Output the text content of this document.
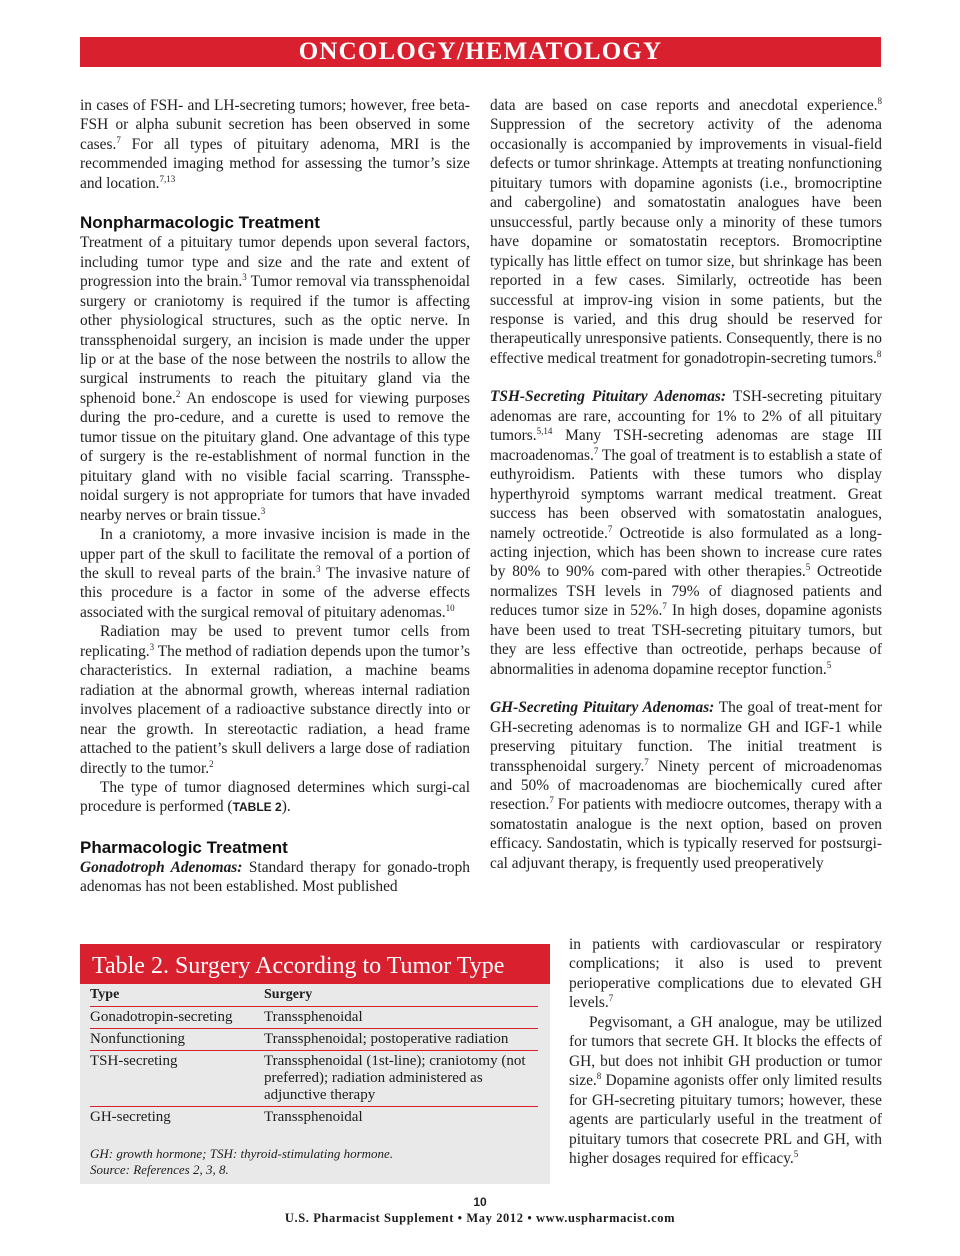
ONCOLOGY/HEMATOLOGY

in cases of FSH- and LH-secreting tumors; however, free beta-FSH or alpha subunit secretion has been observed in some cases.$^7$ For all types of pituitary adenoma, MRI is the recommended imaging method for assessing the tumor’s size and location.$^{7,13}$

Nonpharmacologic Treatment

Treatment of a pituitary tumor depends upon several factors, including tumor type and size and the rate and extent of progression into the brain.$^3$ Tumor removal via transsphenoidal surgery or craniotomy is required if the tumor is affecting other physiological structures, such as the optic nerve. In transsphenoidal surgery, an incision is made under the upper lip or at the base of the nose between the nostrils to allow the surgical instruments to reach the pituitary gland via the sphenoid bone.$^2$ An endoscope is used for viewing purposes during the pro-cedure, and a curette is used to remove the tumor tissue on the pituitary gland. One advantage of this type of surgery is the re-establishment of normal function in the pituitary gland with no visible facial scarring. Transsphe-noidal surgery is not appropriate for tumors that have invaded nearby nerves or brain tissue.$^3$

In a craniotomy, a more invasive incision is made in the upper part of the skull to facilitate the removal of a portion of the skull to reveal parts of the brain.$^3$ The invasive nature of this procedure is a factor in some of the adverse effects associated with the surgical removal of pituitary adenomas.$^{10}$

Radiation may be used to prevent tumor cells from replicating.$^3$ The method of radiation depends upon the tumor’s characteristics. In external radiation, a machine beams radiation at the abnormal growth, whereas internal radiation involves placement of a radioactive substance directly into or near the growth. In stereotactic radiation, a head frame attached to the patient’s skull delivers a large dose of radiation directly to the tumor.$^2$

The type of tumor diagnosed determines which surgi-cal procedure is performed (TABLE 2).

Pharmacologic Treatment

Gonadotroph Adenomas: Standard therapy for gonado-troph adenomas has not been established. Most published

data are based on case reports and anecdotal experience.$^8$ Suppression of the secretory activity of the adenoma occasionally is accompanied by improvements in visual-field defects or tumor shrinkage. Attempts at treating nonfunctioning pituitary tumors with dopamine agonists (i.e., bromocriptine and cabergoline) and somatostatin analogues have been unsuccessful, partly because only a minority of these tumors have dopamine or somatostatin receptors. Bromocriptine typically has little effect on tumor size, but shrinkage has been reported in a few cases. Similarly, octreotide has been successful at improv-ing vision in some patients, but the response is varied, and this drug should be reserved for therapeutically unresponsive patients. Consequently, there is no effective medical treatment for gonadotropin-secreting tumors.$^8$

TSH-Secreting Pituitary Adenomas: TSH-secreting pituitary adenomas are rare, accounting for 1% to 2% of all pituitary tumors.$^{5,14}$ Many TSH-secreting adenomas are stage III macroadenomas.$^7$ The goal of treatment is to establish a state of euthyroidism. Patients with these tumors who display hyperthyroid symptoms warrant medical treatment. Great success has been observed with somatostatin analogues, namely octreotide.$^7$ Octreotide is also formulated as a long-acting injection, which has been shown to increase cure rates by 80% to 90% com-pared with other therapies.$^5$ Octreotide normalizes TSH levels in 79% of diagnosed patients and reduces tumor size in 52%.$^7$ In high doses, dopamine agonists have been used to treat TSH-secreting pituitary tumors, but they are less effective than octreotide, perhaps because of abnormalities in adenoma dopamine receptor function.$^5$

GH-Secreting Pituitary Adenomas: The goal of treat-ment for GH-secreting adenomas is to normalize GH and IGF-1 while preserving pituitary function. The initial treatment is transsphenoidal surgery.$^7$ Ninety percent of microadenomas and 50% of macroadenomas are biochemically cured after resection.$^7$ For patients with mediocre outcomes, therapy with a somatostatin analogue is the next option, based on proven efficacy. Sandostatin, which is typically reserved for postsurgi-cal adjuvant therapy, is frequently used preoperatively

in patients with cardiovascular or respiratory complications; it also is used to prevent perioperative complications due to elevated GH levels.$^7$

Pegvisomant, a GH analogue, may be utilized for tumors that secrete GH. It blocks the effects of GH, but does not inhibit GH production or tumor size.$^8$ Dopamine agonists offer only limited results for GH-secreting pituitary tumors; however, these agents are particularly useful in the treatment of pituitary tumors that cosecrete PRL and GH, with higher dosages required for efficacy.$^5$

Table 2. Surgery According to Tumor Type
Type	Surgery
Gonadotropin-secreting	Transsphenoidal
Nonfunctioning	Transsphenoidal; postoperative radiation
TSH-secreting	Transsphenoidal (1st-line); craniotomy (not preferred); radiation administered as adjunctive therapy
GH-secreting	Transsphenoidal
GH: growth hormone; TSH: thyroid-stimulating hormone.
Source: References 2, 3, 8.
10
U.S. Pharmacist Supplement • May 2012 • www.uspharmacist.com
